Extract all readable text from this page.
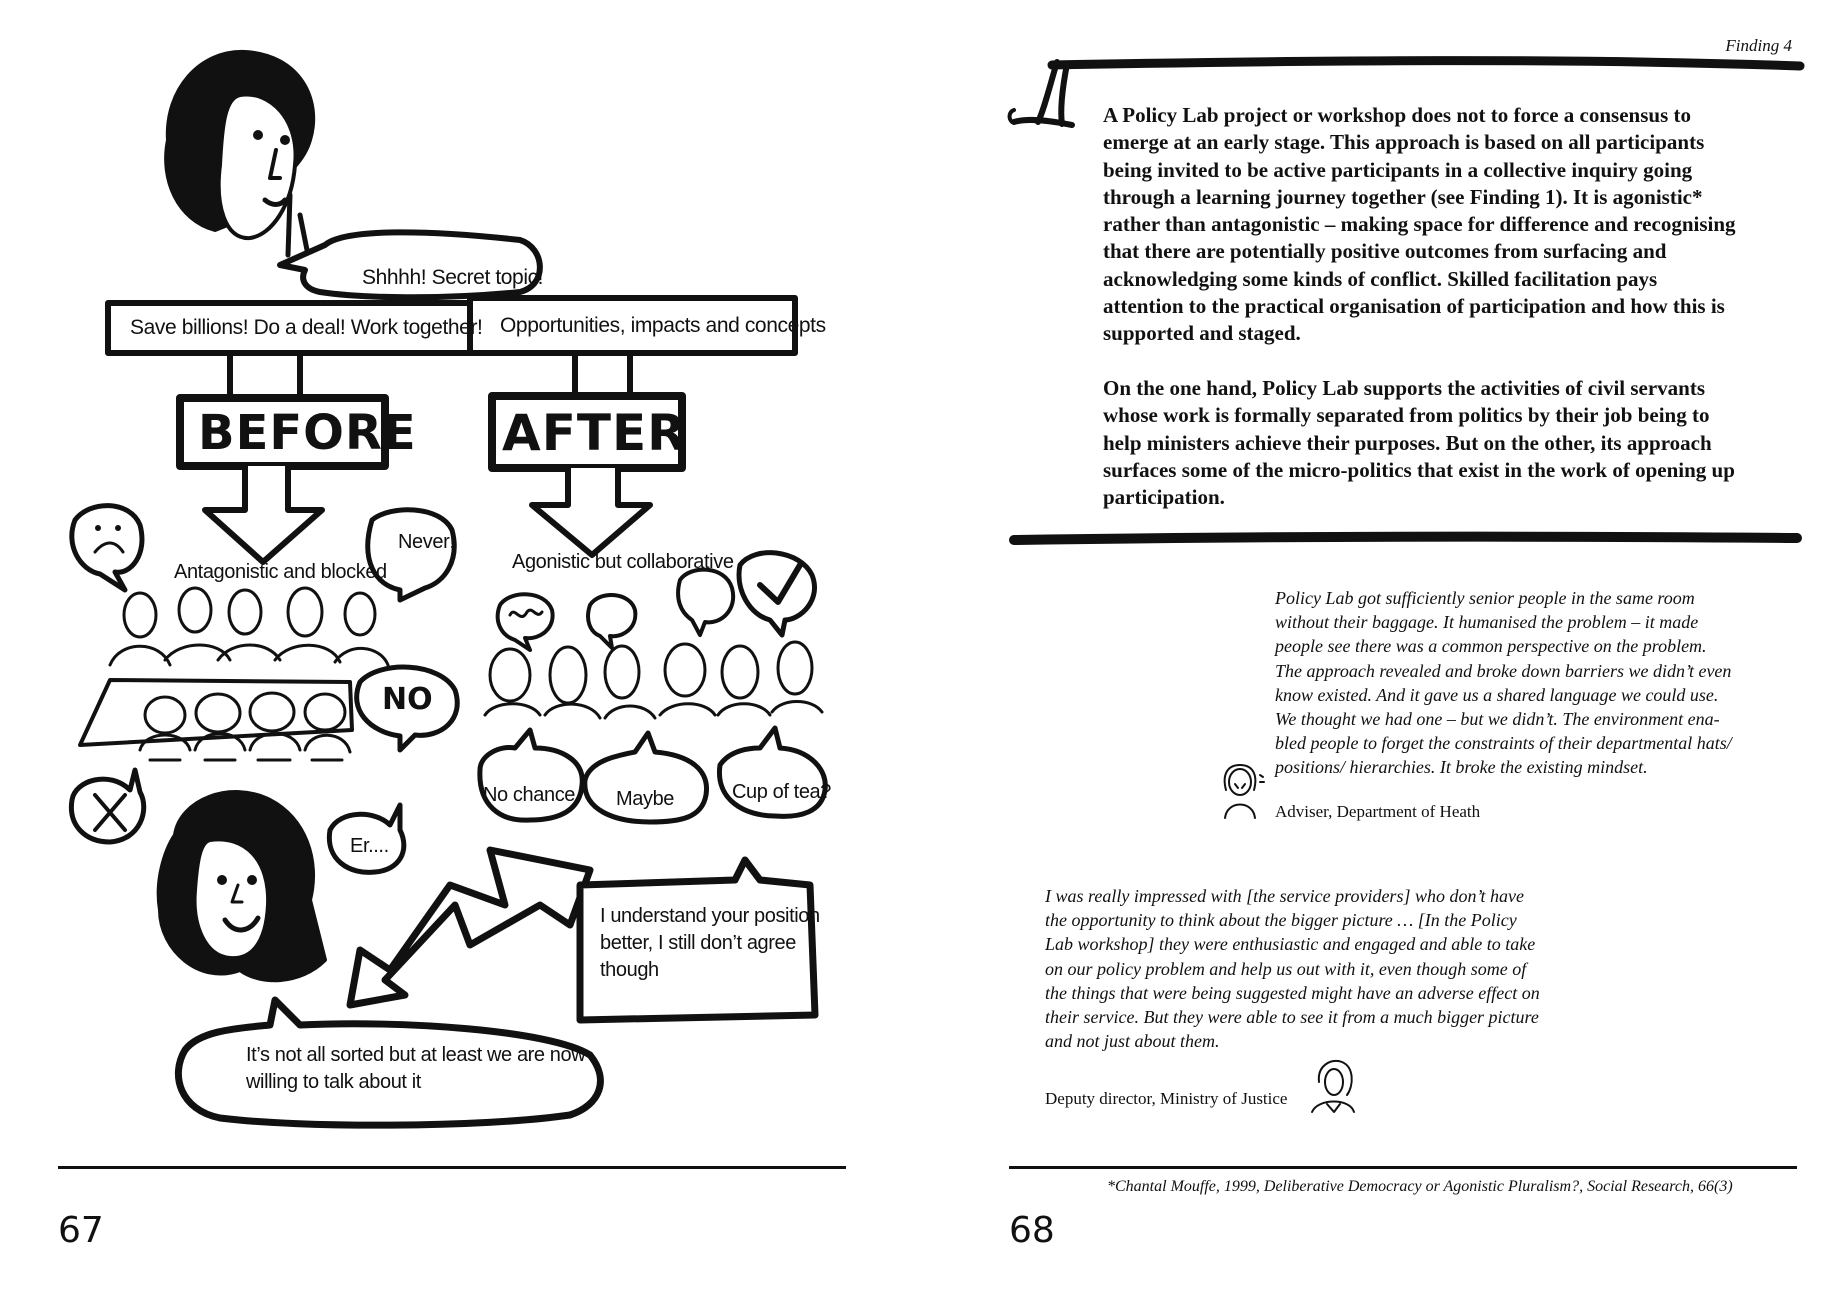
Shhhh! Secret topic!
Save billions! Do a deal! Work together! Opportunities, impacts and concepts
BEFORE AFTER
Antagonistic and blocked	Agonistic but collaborative
Never!
NO
No chance Maybe	Cup of tea?
Er....
I understand your position
better, I still don’t agree
though
It’s not all sorted but at least we are now
willing to talk about it
67
Finding 4
A Policy Lab project or workshop does not to force a consensus to
emerge at an early stage. This approach is based on all participants
being invited to be active participants in a collective inquiry going
through a learning journey together (see Finding 1). It is agonistic*
rather than antagonistic – making space for difference and recognising
that there are potentially positive outcomes from surfacing and
acknowledging some kinds of conflict. Skilled facilitation pays
attention to the practical organisation of participation and how this is
supported and staged.
On the one hand, Policy Lab supports the activities of civil servants
whose work is formally separated from politics by their job being to
help ministers achieve their purposes. But on the other, its approach
surfaces some of the micro-politics that exist in the work of opening up
participation.
Policy Lab got sufficiently senior people in the same room
without their baggage. It humanised the problem – it made
people see there was a common perspective on the problem.
The approach revealed and broke down barriers we didn’t even
know existed. And it gave us a shared language we could use.
We thought we had one – but we didn’t. The environment ena-
bled people to forget the constraints of their departmental hats/
positions/ hierarchies. It broke the existing mindset.
Adviser, Department of Heath
I was really impressed with [the service providers] who don’t have
the opportunity to think about the bigger picture … [In the Policy
Lab workshop] they were enthusiastic and engaged and able to take
on our policy problem and help us out with it, even though some of
the things that were being suggested might have an adverse effect on
their service. But they were able to see it from a much bigger picture
and not just about them.
Deputy director, Ministry of Justice
*Chantal Mouffe, 1999, Deliberative Democracy or Agonistic Pluralism?, Social Research, 66(3)
68
